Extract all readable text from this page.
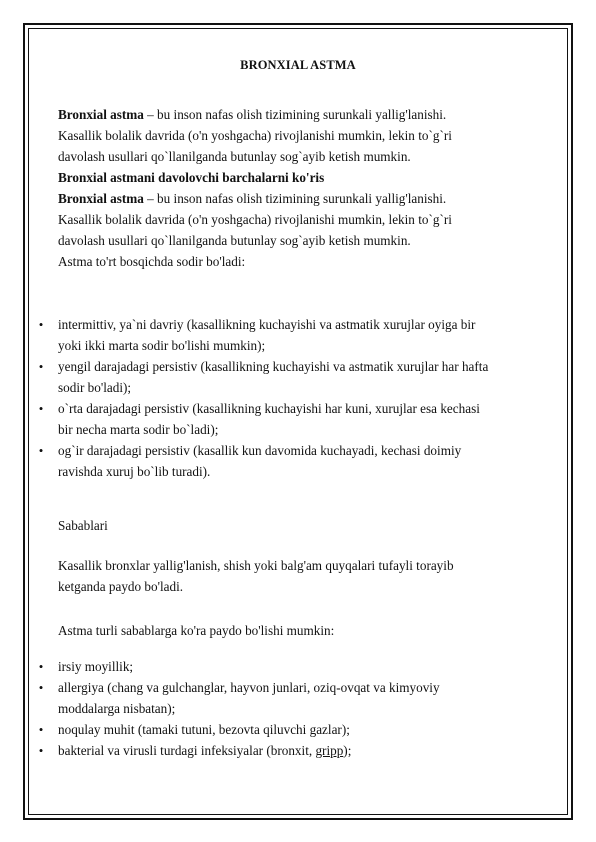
BRONXIAL ASTMA

Bronxial astma – bu inson nafas olish tizimining surunkali yallig'lanishi.
Kasallik bolalik davrida (o'n yoshgacha) rivojlanishi mumkin, lekin to`g`ri
davolash usullari qo`llanilganda butunlay sog`ayib ketish mumkin.
Bronxial astmani davolovchi barchalarni ko'ris
Bronxial astma – bu inson nafas olish tizimining surunkali yallig'lanishi.
Kasallik bolalik davrida (o'n yoshgacha) rivojlanishi mumkin, lekin to`g`ri
davolash usullari qo`llanilganda butunlay sog`ayib ketish mumkin.
Astma to'rt bosqichda sodir bo'ladi:

• intermittiv, ya`ni davriy (kasallikning kuchayishi va astmatik xurujlar oyiga bir
yoki ikki marta sodir bo'lishi mumkin);
• yengil darajadagi persistiv (kasallikning kuchayishi va astmatik xurujlar har hafta
sodir bo'ladi);
• o`rta darajadagi persistiv (kasallikning kuchayishi har kuni, xurujlar esa kechasi
bir necha marta sodir bo`ladi);
• og`ir darajadagi persistiv (kasallik kun davomida kuchayadi, kechasi doimiy
ravishda xuruj bo`lib turadi).

Sabablari

Kasallik bronxlar yallig'lanish, shish yoki balg'am quyqalari tufayli torayib
ketganda paydo bo'ladi.

Astma turli sabablarga ko'ra paydo bo'lishi mumkin:

• irsiy moyillik;
• allergiya (chang va gulchanglar, hayvon junlari, oziq-ovqat va kimyoviy
moddalarga nisbatan);
• noqulay muhit (tamaki tutuni, bezovta qiluvchi gazlar);
• bakterial va virusli turdagi infeksiyalar (bronxit, gripp);
